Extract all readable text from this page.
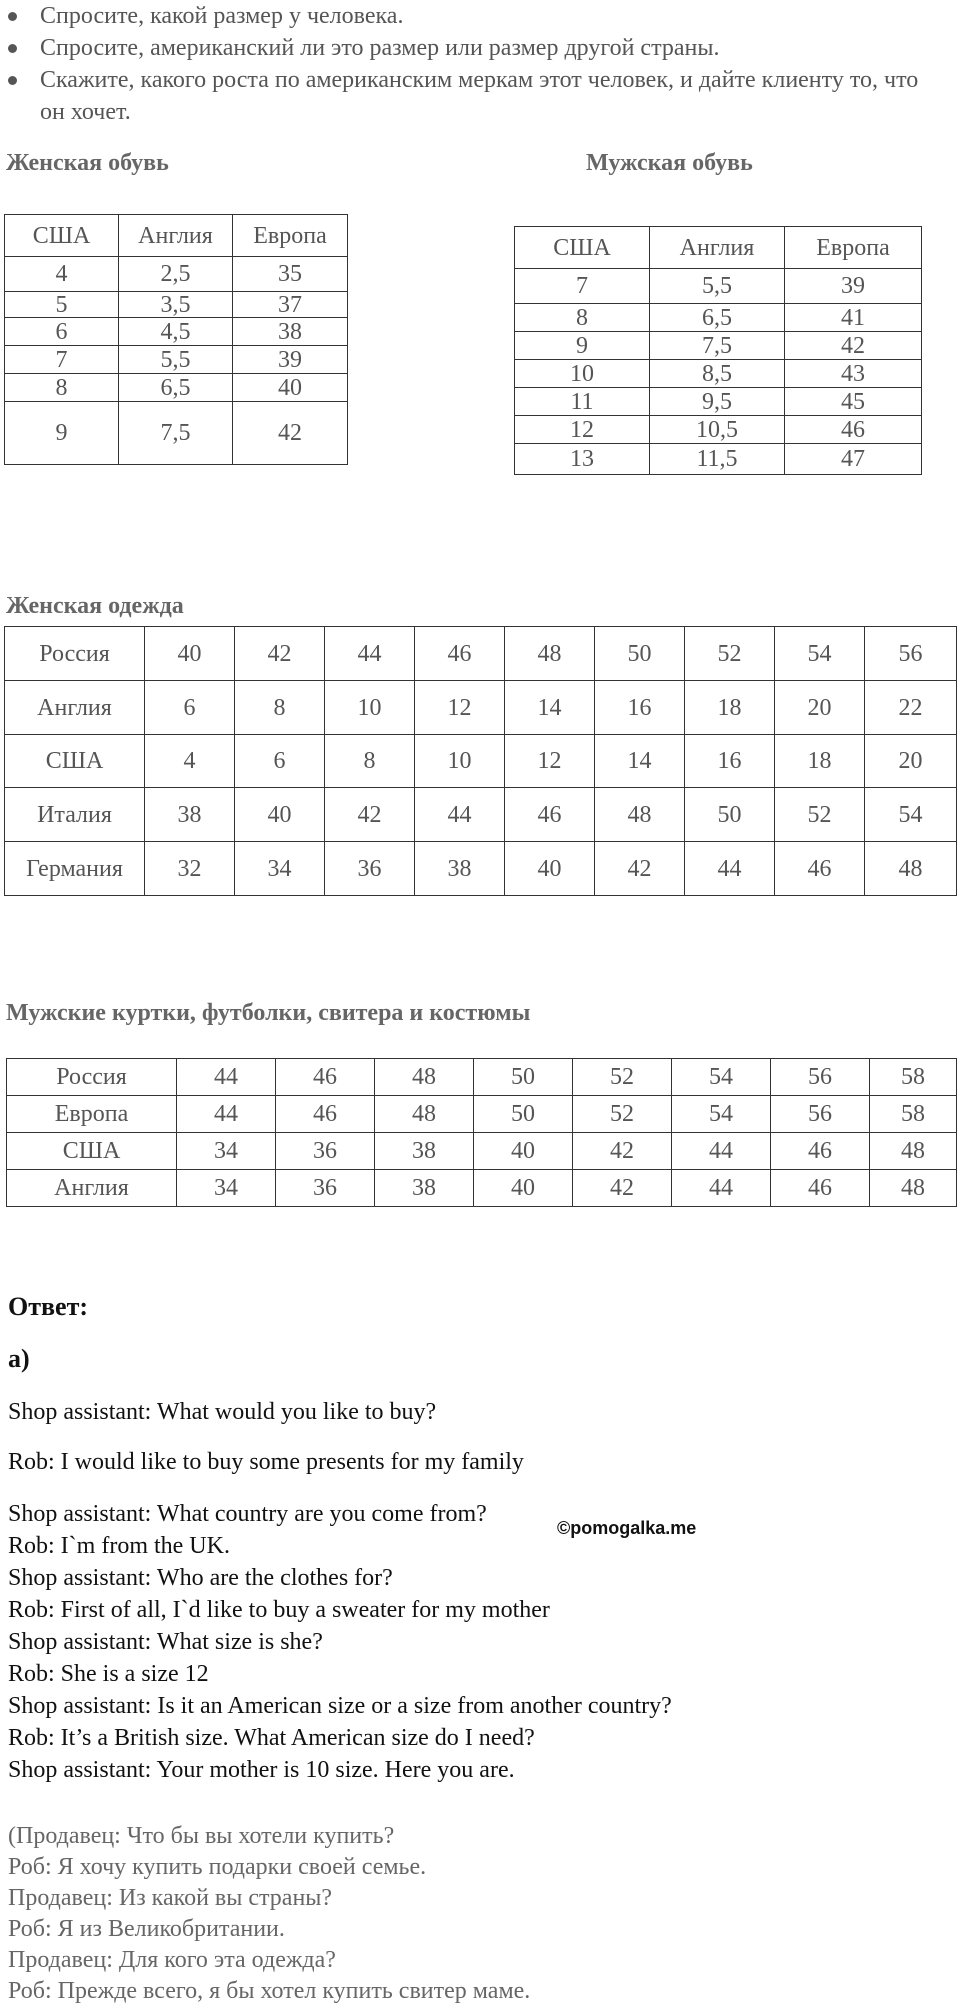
Спросите, какой размер у человека.
Спросите, американский ли это размер или размер другой страны.
Скажите, какого роста по американским меркам этот человек, и дайте клиенту то, что он хочет.
Женская обувь
США	Англия	Европа
4	2,5	35
5	3,5	37
6	4,5	38
7	5,5	39
8	6,5	40
9	7,5	42
Мужская обувь
США	Англия	Европа
7	5,5	39
8	6,5	41
9	7,5	42
10	8,5	43
11	9,5	45
12	10,5	46
13	11,5	47
Женская одежда
Россия	40	42	44	46	48	50	52	54	56
Англия	6	8	10	12	14	16	18	20	22
США	4	6	8	10	12	14	16	18	20
Италия	38	40	42	44	46	48	50	52	54
Германия	32	34	36	38	40	42	44	46	48
Мужские куртки, футболки, свитера и костюмы
Россия	44	46	48	50	52	54	56	58
Европа	44	46	48	50	52	54	56	58
США	34	36	38	40	42	44	46	48
Англия	34	36	38	40	42	44	46	48
Ответ:
a)
Shop assistant: What would you like to buy?
Rob: I would like to buy some presents for my family
Shop assistant: What country are you come from?
Rob: I`m from the UK.
Shop assistant: Who are the clothes for?
Rob: First of all, I`d like to buy a sweater for my mother
Shop assistant: What size is she?
Rob: She is a size 12
Shop assistant: Is it an American size or a size from another country?
Rob: It’s a British size. What American size do I need?
Shop assistant: Your mother is 10 size. Here you are.
©pomogalka.me
(Продавец: Что бы вы хотели купить?
Роб: Я хочу купить подарки своей семье.
Продавец: Из какой вы страны?
Роб: Я из Великобритании.
Продавец: Для кого эта одежда?
Роб: Прежде всего, я бы хотел купить свитер маме.
